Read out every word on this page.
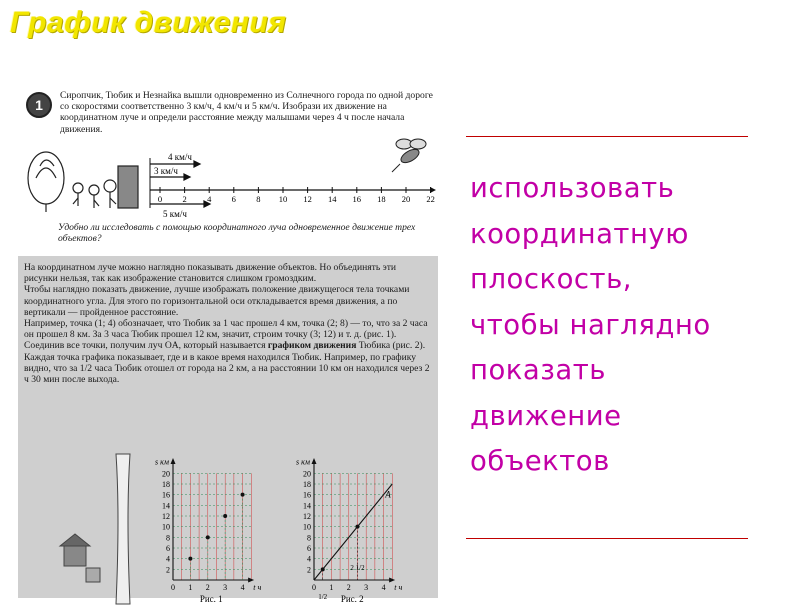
График движения
1

Сиропчик, Тюбик и Незнайка вышли одновременно из Солнечного города по одной дороге со скоростями соответственно 3 км/ч, 4 км/ч и 5 км/ч. Изобрази их движение на координатном луче и определи расстояние между малышами через 4 ч после начала движения.

4 км/ч
3 км/ч
5 км/ч
0 2 4 6 8 10 12 14 16 18 20 22

Удобно ли исследовать с помощью координатного луча одновременное движение трех объектов?

На координатном луче можно наглядно показывать движение объектов. Но объединять эти рисунки нельзя, так как изображение становится слишком громоздким.

Чтобы наглядно показать движение, лучше изображать положение движущегося тела точками координатного угла. Для этого по горизонтальной оси откладывается время движения, а по вертикали — пройденное расстояние.

Например, точка (1; 4) обозначает, что Тюбик за 1 час прошел 4 км, точка (2; 8) — то, что за 2 часа он прошел 8 км. За 3 часа Тюбик прошел 12 км, значит, строим точку (3; 12) и т. д. (рис. 1). Соединив все точки, получим луч OA, который называется графиком движения Тюбика (рис. 2). Каждая точка графика показывает, где и в какое время находился Тюбик. Например, по графику видно, что за 1/2 часа Тюбик отошел от города на 2 км, а на расстоянии 10 км он находился через 2 ч 30 мин после выхода.

2
4
6
8
10
12
14
16
18
20
s км
0 1 2 3 4 t ч
Рис. 1
2
4
6
8
10
12
14
16
18
20
s км
0 1 2 3 4 t ч
A
1/2
2 1/2
Рис. 2
использовать
координатную
плоскость,
чтобы наглядно
показать
движение
объектов
